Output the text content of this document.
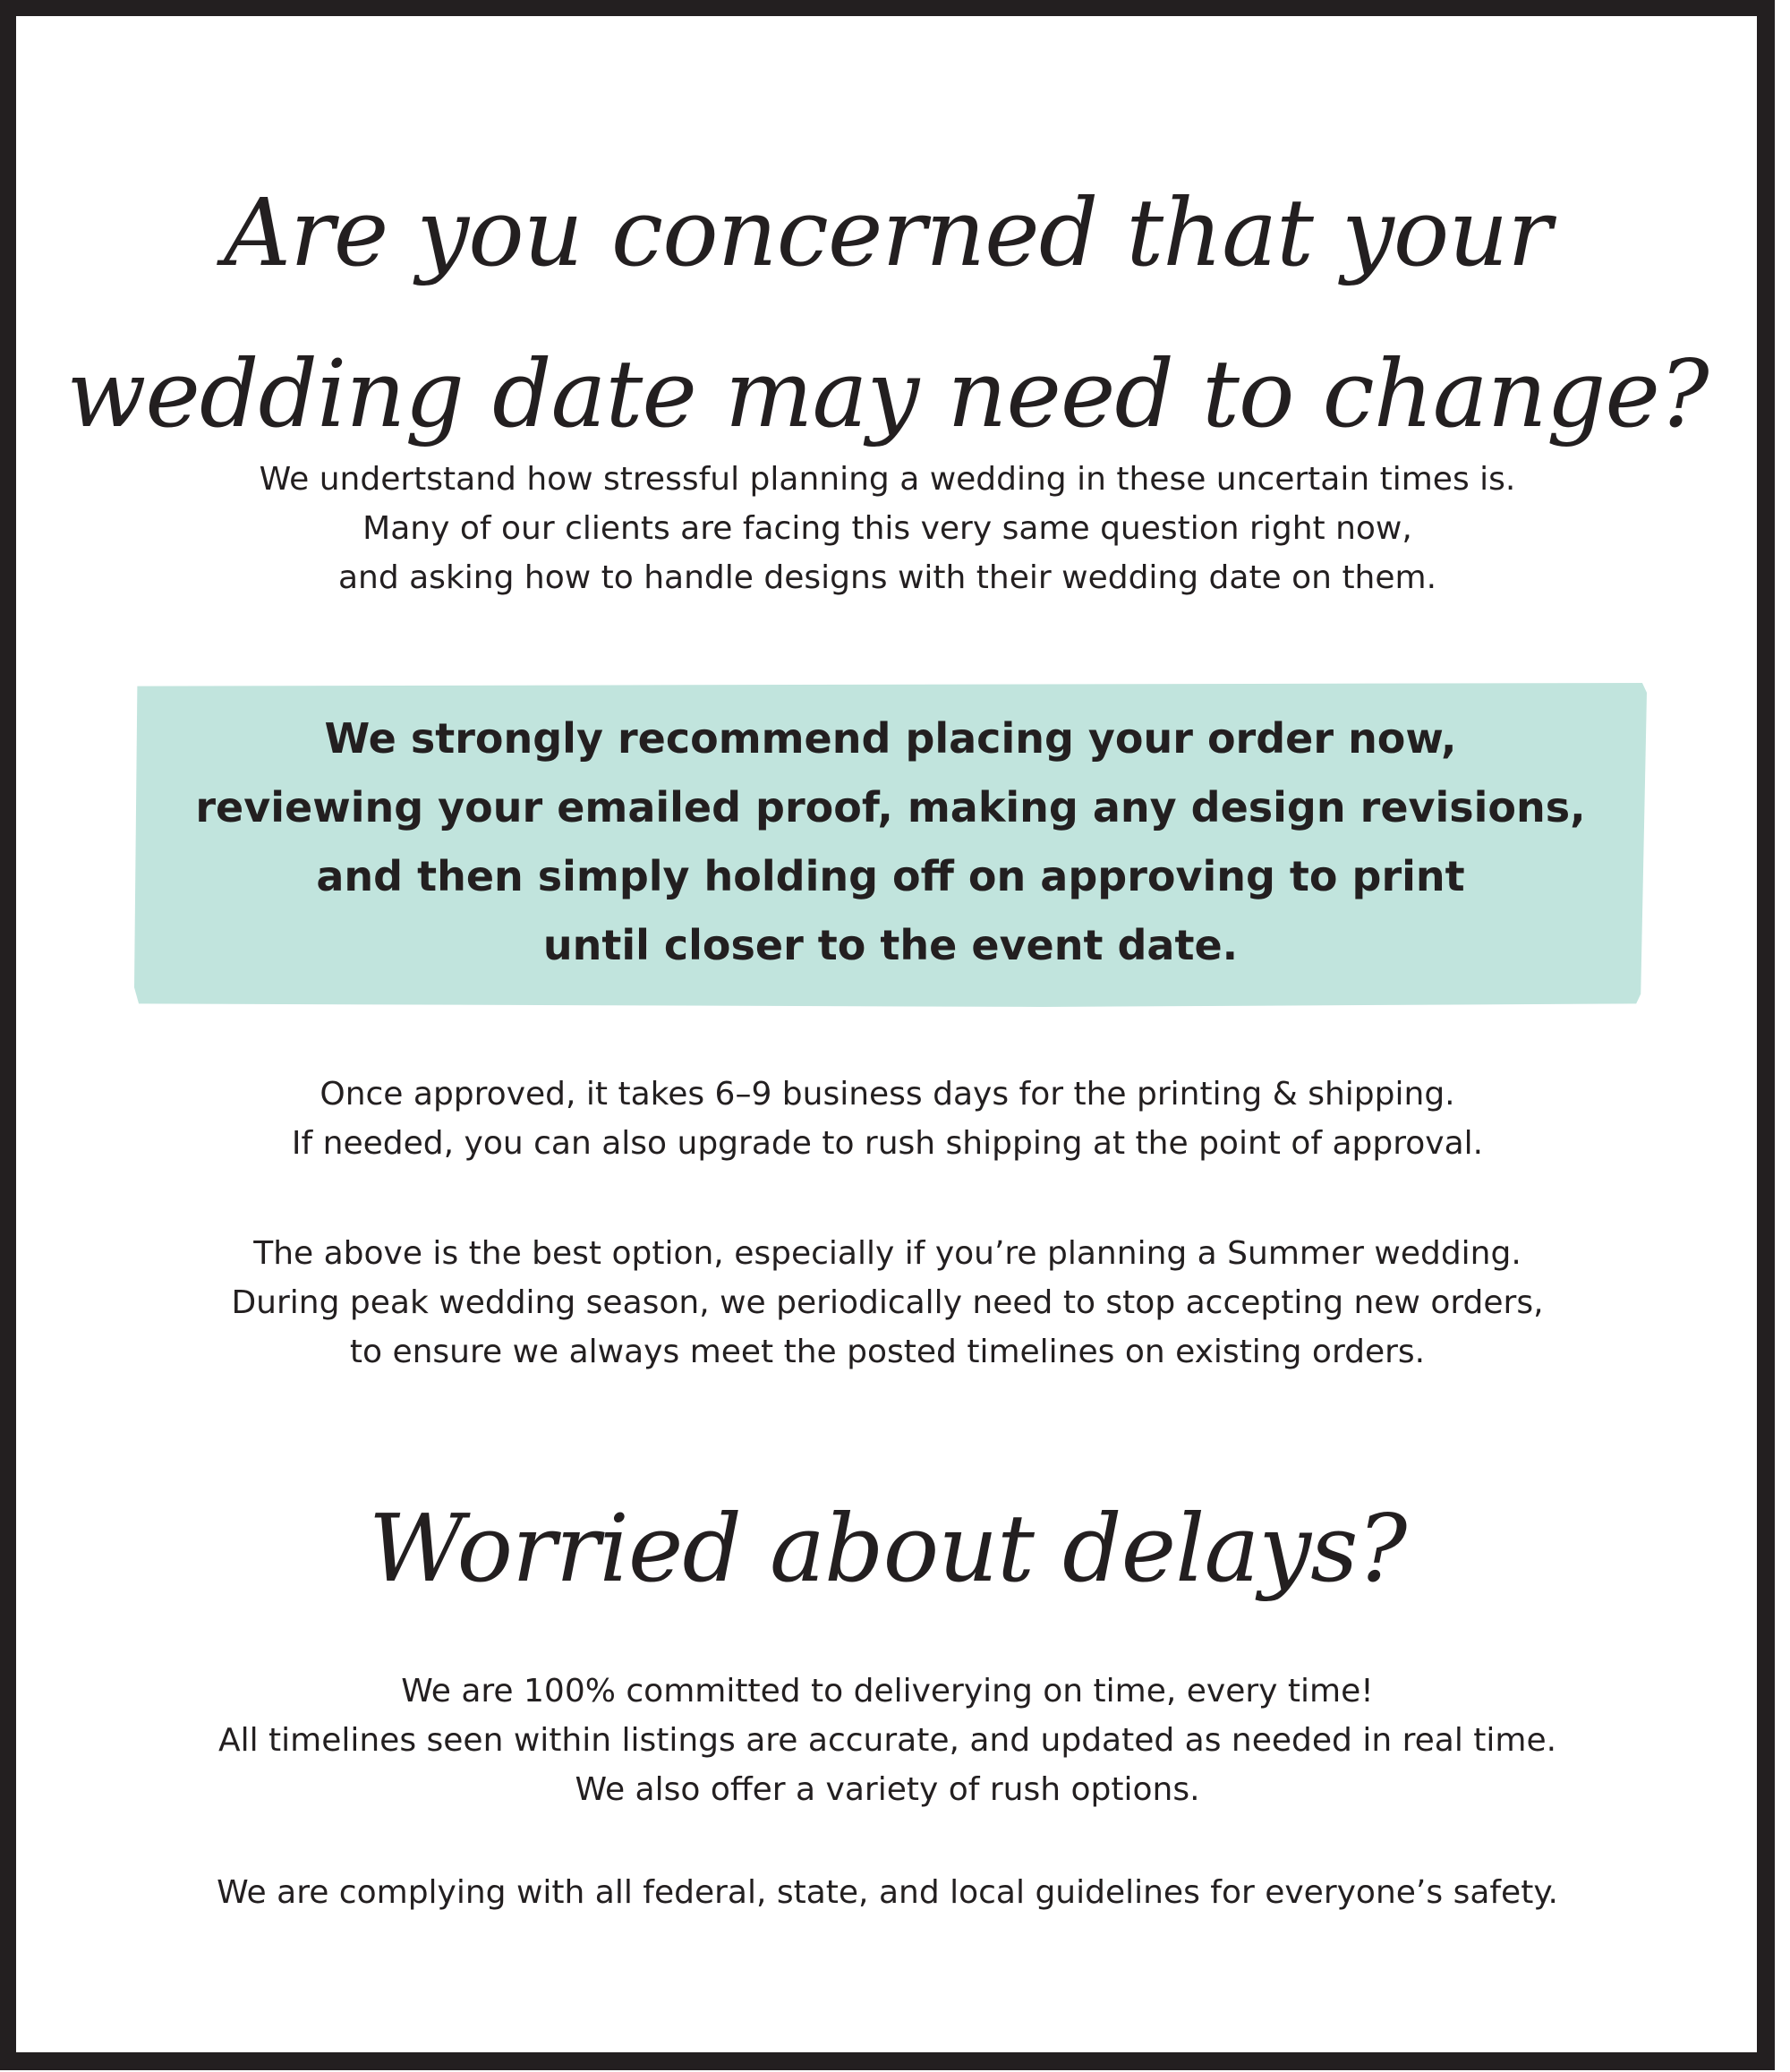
Are you concerned that your
wedding date may need to change?

We undertstand how stressful planning a wedding in these uncertain times is.
Many of our clients are facing this very same question right now,
and asking how to handle designs with their wedding date on them.

We strongly recommend placing your order now,
reviewing your emailed proof, making any design revisions,
and then simply holding off on approving to print
until closer to the event date.

Once approved, it takes 6–9 business days for the printing & shipping.
If needed, you can also upgrade to rush shipping at the point of approval.

The above is the best option, especially if you’re planning a Summer wedding.
During peak wedding season, we periodically need to stop accepting new orders,
to ensure we always meet the posted timelines on existing orders.

Worried about delays?

We are 100% committed to deliverying on time, every time!
All timelines seen within listings are accurate, and updated as needed in real time.
We also offer a variety of rush options.

We are complying with all federal, state, and local guidelines for everyone’s safety.
